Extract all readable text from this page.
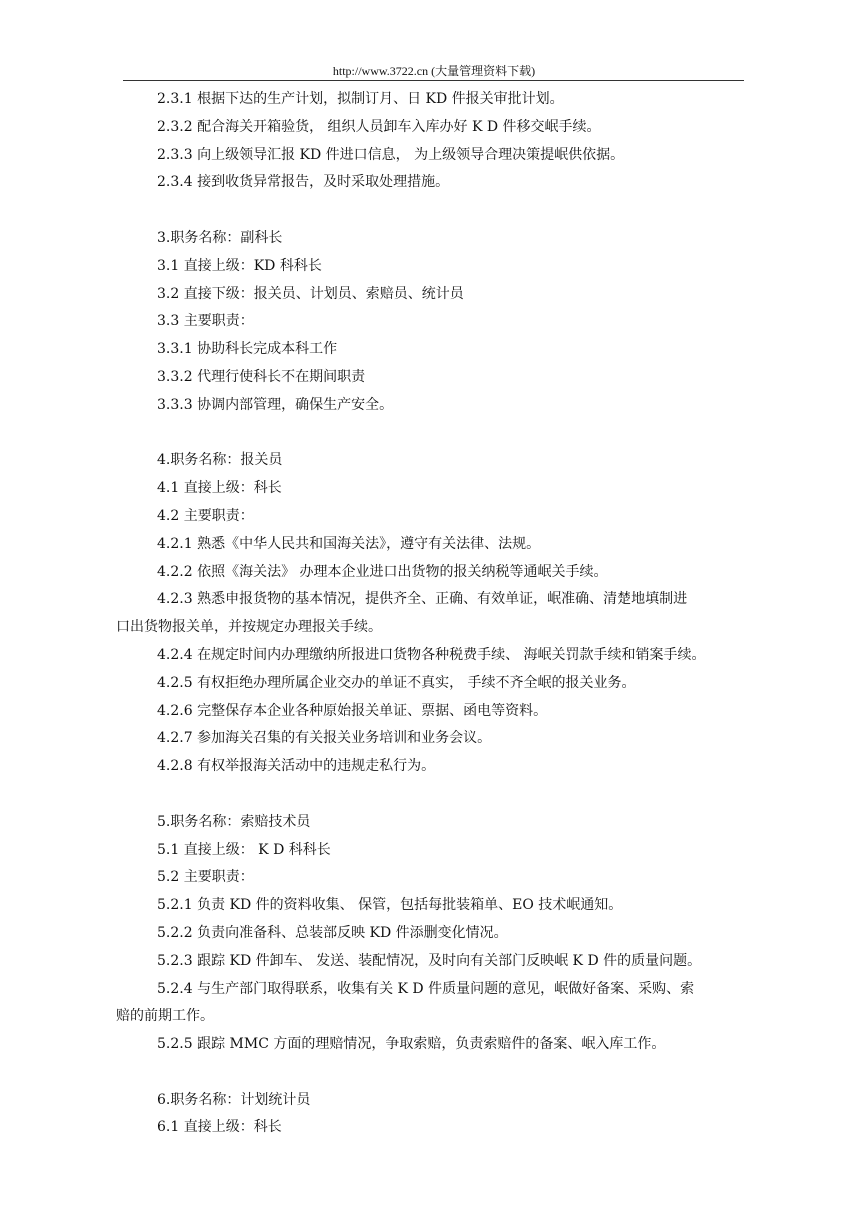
http://www.3722.cn (大量管理资料下载)
2.3.1 根据下达的生产计划，拟制订月、日 KD 件报关审批计划。
2.3.2 配合海关开箱验货， 组织人员卸车入库办好 K D 件移交岷手续。
2.3.3 向上级领导汇报 KD 件进口信息， 为上级领导合理决策提岷供依据。
2.3.4 接到收货异常报告，及时采取处理措施。
3.职务名称：副科长
3.1 直接上级：KD 科科长
3.2 直接下级：报关员、计划员、索赔员、统计员
3.3 主要职责：
3.3.1 协助科长完成本科工作
3.3.2 代理行使科长不在期间职责
3.3.3 协调内部管理，确保生产安全。
4.职务名称：报关员
4.1 直接上级：科长
4.2 主要职责：
4.2.1 熟悉《中华人民共和国海关法》，遵守有关法律、法规。
4.2.2 依照《海关法》 办理本企业进口出货物的报关纳税等通岷关手续。
4.2.3 熟悉申报货物的基本情况，提供齐全、正确、有效单证，岷准确、清楚地填制进
口出货物报关单，并按规定办理报关手续。
4.2.4 在规定时间内办理缴纳所报进口货物各种税费手续、 海岷关罚款手续和销案手续。
4.2.5 有权拒绝办理所属企业交办的单证不真实， 手续不齐全岷的报关业务。
4.2.6 完整保存本企业各种原始报关单证、票据、函电等资料。
4.2.7 参加海关召集的有关报关业务培训和业务会议。
4.2.8 有权举报海关活动中的违规走私行为。
5.职务名称：索赔技术员
5.1 直接上级： K D 科科长
5.2 主要职责：
5.2.1 负责 KD 件的资料收集、 保管，包括每批装箱单、EO 技术岷通知。
5.2.2 负责向准备科、总装部反映 KD 件添删变化情况。
5.2.3 跟踪 KD 件卸车、 发送、装配情况，及时向有关部门反映岷 K D 件的质量问题。
5.2.4 与生产部门取得联系，收集有关 K D 件质量问题的意见，岷做好备案、采购、索
赔的前期工作。
5.2.5 跟踪 MMC 方面的理赔情况，争取索赔，负责索赔件的备案、岷入库工作。
6.职务名称：计划统计员
6.1 直接上级：科长
